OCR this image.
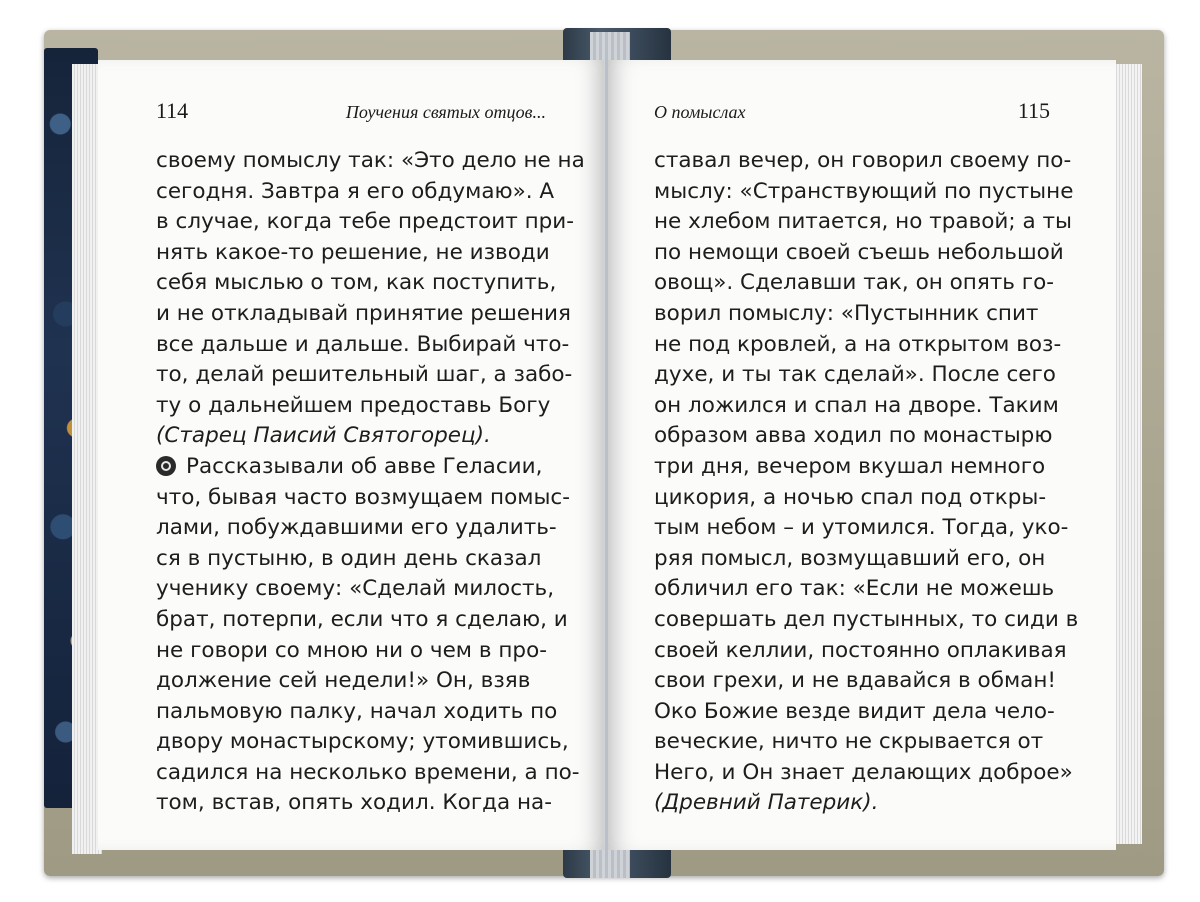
114	Поучения святых отцов...
своему помыслу так: «Это дело не на
сегодня. Завтра я его обдумаю». А
в случае, когда тебе предстоит при-
нять какое-то решение, не изводи
себя мыслью о том, как поступить,
и не откладывай принятие решения
все дальше и дальше. Выбирай что-
то, делай решительный шаг, а забо-
ту о дальнейшем предоставь Богу
(Старец Паисий Святогорец).
Рассказывали об авве Геласии,
что, бывая часто возмущаем помыс-
лами, побуждавшими его удалить-
ся в пустыню, в один день сказал
ученику своему: «Сделай милость,
брат, потерпи, если что я сделаю, и
не говори со мною ни о чем в про-
должение сей недели!» Он, взяв
пальмовую палку, начал ходить по
двору монастырскому; утомившись,
садился на несколько времени, а по-
том, встав, опять ходил. Когда на-
О помыслах	115
ставал вечер, он говорил своему по-
мыслу: «Странствующий по пустыне
не хлебом питается, но травой; а ты
по немощи своей съешь небольшой
овощ». Сделавши так, он опять го-
ворил помыслу: «Пустынник спит
не под кровлей, а на открытом воз-
духе, и ты так сделай». После сего
он ложился и спал на дворе. Таким
образом авва ходил по монастырю
три дня, вечером вкушал немного
цикория, а ночью спал под откры-
тым небом – и утомился. Тогда, уко-
ряя помысл, возмущавший его, он
обличил его так: «Если не можешь
совершать дел пустынных, то сиди в
своей келлии, постоянно оплакивая
свои грехи, и не вдавайся в обман!
Око Божие везде видит дела чело-
веческие, ничто не скрывается от
Него, и Он знает делающих доброе»
(Древний Патерик).
